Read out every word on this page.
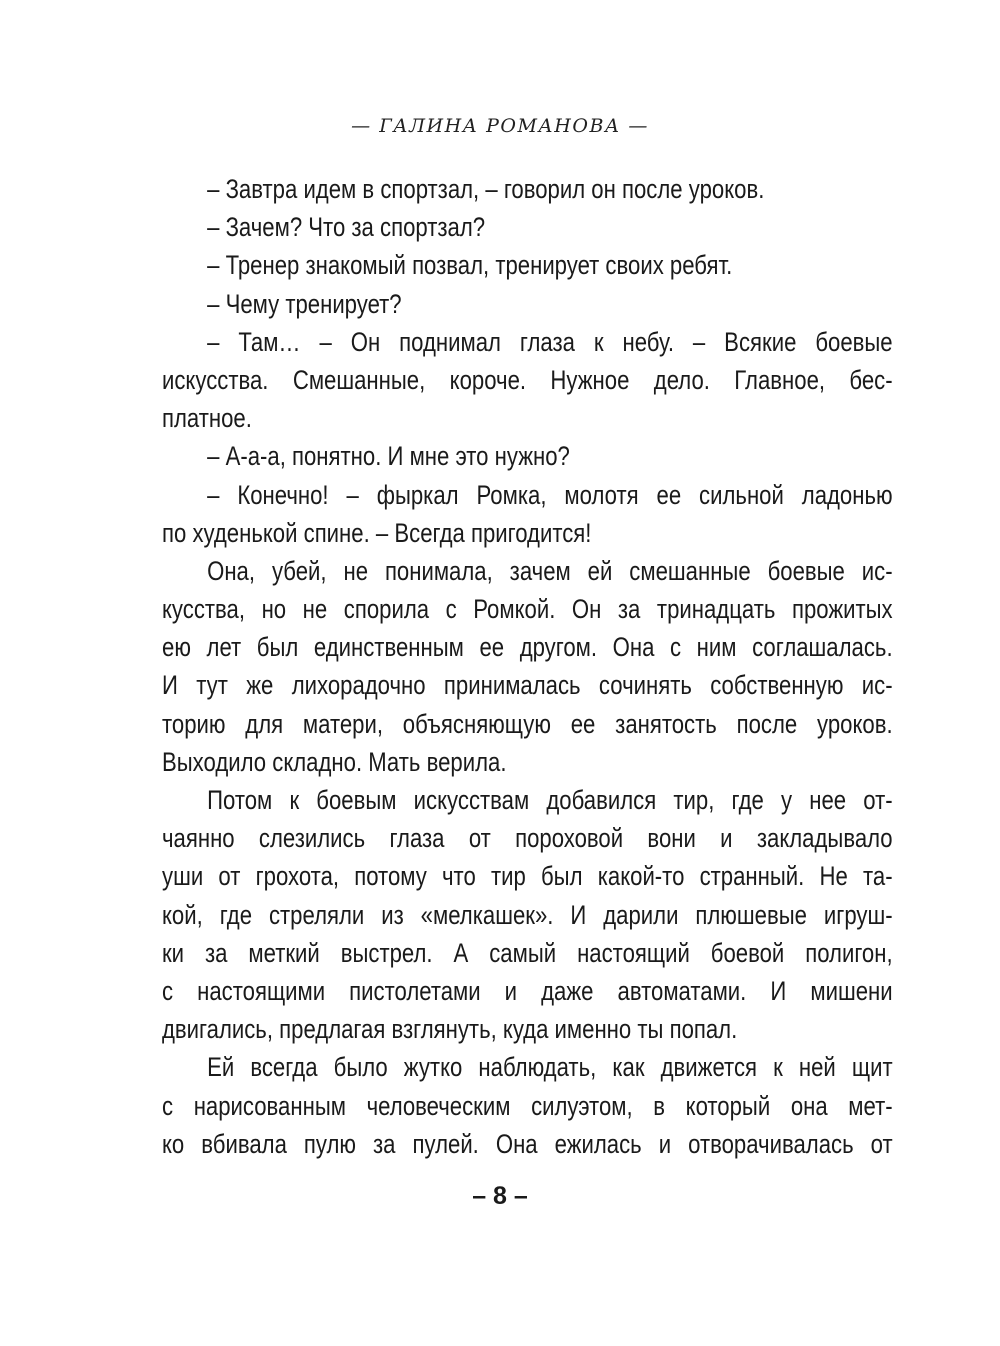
— ГАЛИНА РОМАНОВА —
– Завтра идем в спортзал, – говорил он после уроков.
– Зачем? Что за спортзал?
– Тренер знакомый позвал, тренирует своих ребят.
– Чему тренирует?
– Там… – Он поднимал глаза к небу. – Всякие боевые
искусства. Смешанные, короче. Нужное дело. Главное, бес-
платное.
– А-а-а, понятно. И мне это нужно?
– Конечно! – фыркал Ромка, молотя ее сильной ладонью
по худенькой спине. – Всегда пригодится!
Она, убей, не понимала, зачем ей смешанные боевые ис-
кусства, но не спорила с Ромкой. Он за тринадцать прожитых
ею лет был единственным ее другом. Она с ним соглашалась.
И тут же лихорадочно принималась сочинять собственную ис-
торию для матери, объясняющую ее занятость после уроков.
Выходило складно. Мать верила.
Потом к боевым искусствам добавился тир, где у нее от-
чаянно слезились глаза от пороховой вони и закладывало
уши от грохота, потому что тир был какой-то странный. Не та-
кой, где стреляли из «мелкашек». И дарили плюшевые игруш-
ки за меткий выстрел. А самый настоящий боевой полигон,
с настоящими пистолетами и даже автоматами. И мишени
двигались, предлагая взглянуть, куда именно ты попал.
Ей всегда было жутко наблюдать, как движется к ней щит
с нарисованным человеческим силуэтом, в который она мет-
ко вбивала пулю за пулей. Она ежилась и отворачивалась от
– 8 –
